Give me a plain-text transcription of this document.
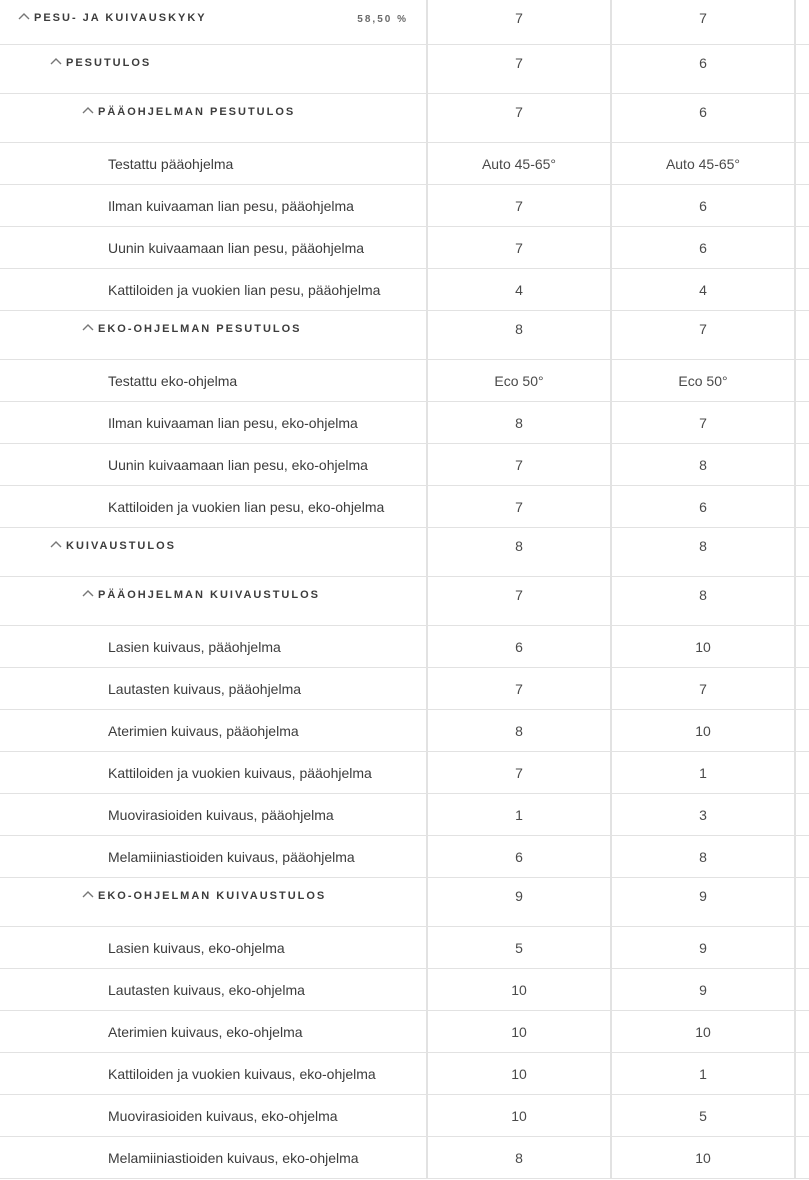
PESU- JA KUIVAUSKYKY	58,50 %	7	7
PESUTULOS	7	6
PÄÄOHJELMAN PESUTULOS	7	6
Testattu pääohjelma	Auto 45-65°	Auto 45-65°
Ilman kuivaaman lian pesu, pääohjelma	7	6
Uunin kuivaamaan lian pesu, pääohjelma	7	6
Kattiloiden ja vuokien lian pesu, pääohjelma	4	4
EKO-OHJELMAN PESUTULOS	8	7
Testattu eko-ohjelma	Eco 50°	Eco 50°
Ilman kuivaaman lian pesu, eko-ohjelma	8	7
Uunin kuivaamaan lian pesu, eko-ohjelma	7	8
Kattiloiden ja vuokien lian pesu, eko-ohjelma	7	6
KUIVAUSTULOS	8	8
PÄÄOHJELMAN KUIVAUSTULOS	7	8
Lasien kuivaus, pääohjelma	6	10
Lautasten kuivaus, pääohjelma	7	7
Aterimien kuivaus, pääohjelma	8	10
Kattiloiden ja vuokien kuivaus, pääohjelma	7	1
Muovirasioiden kuivaus, pääohjelma	1	3
Melamiiniastioiden kuivaus, pääohjelma	6	8
EKO-OHJELMAN KUIVAUSTULOS	9	9
Lasien kuivaus, eko-ohjelma	5	9
Lautasten kuivaus, eko-ohjelma	10	9
Aterimien kuivaus, eko-ohjelma	10	10
Kattiloiden ja vuokien kuivaus, eko-ohjelma	10	1
Muovirasioiden kuivaus, eko-ohjelma	10	5
Melamiiniastioiden kuivaus, eko-ohjelma	8	10
